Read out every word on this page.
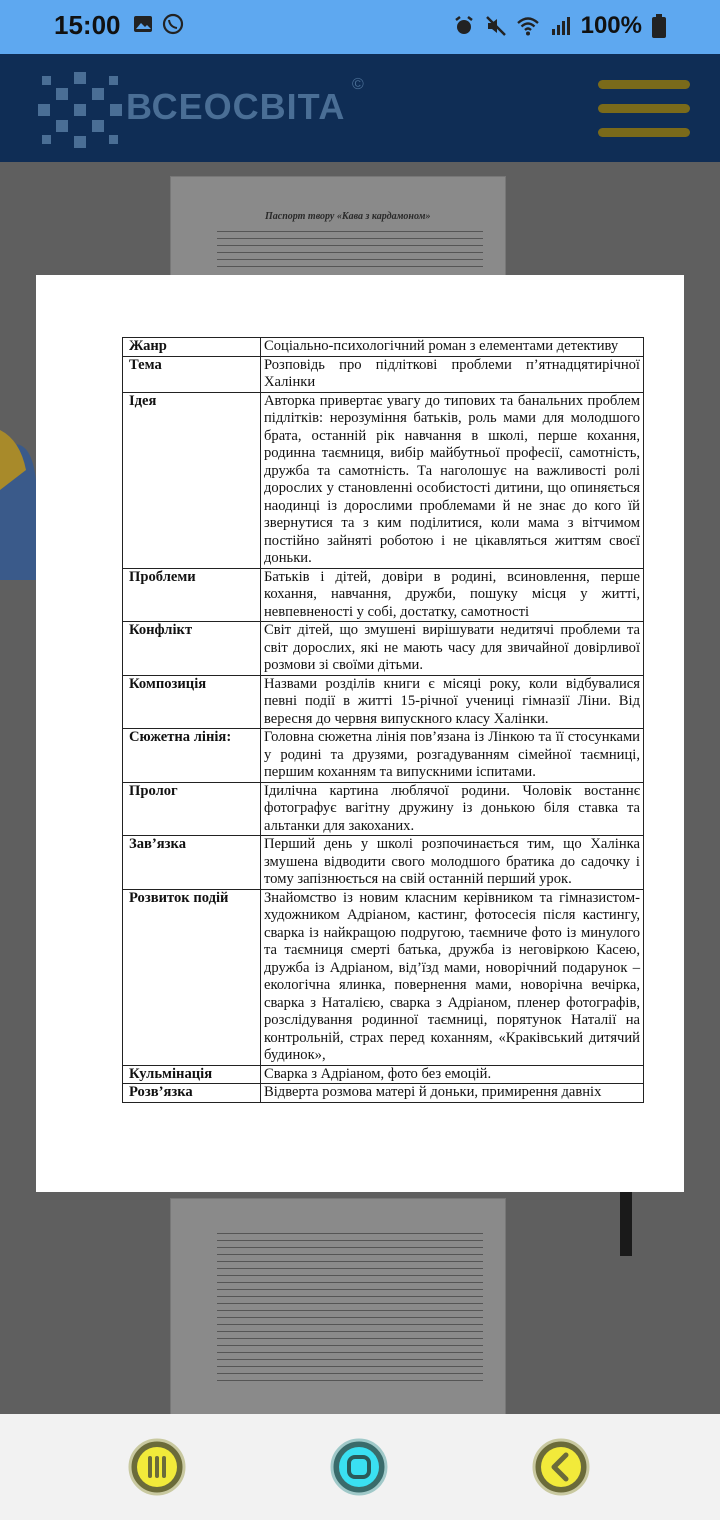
15:00	100%
ВСЕОСВІТА
©
Паспорт твору «Кава з кардамоном»
Жанр	Соціально-психологічний роман з елементами детективу
Тема	Розповідь про підліткові проблеми п’ятнадцятирічної Халінки
Ідея	Авторка привертає увагу до типових та банальних проблем підлітків: нерозуміння батьків, роль мами для молодшого брата, останній рік навчання в школі, перше кохання, родинна таємниця, вибір майбутньої професії, самотність, дружба та самотність. Та наголошує на важливості ролі дорослих у становленні особистості дитини, що опиняється наодинці із дорослими проблемами й не знає до кого їй звернутися та з ким поділитися, коли мама з вітчимом постійно зайняті роботою і не цікавляться життям своєї доньки.
Проблеми	Батьків і дітей, довіри в родині, всиновлення, перше кохання, навчання, дружби, пошуку місця у житті, невпевненості у собі, достатку, самотності
Конфлікт	Світ дітей, що змушені вирішувати недитячі проблеми та світ дорослих, які не мають часу для звичайної довірливої розмови зі своїми дітьми.
Композиція	Назвами розділів книги є місяці року, коли відбувалися певні події в житті 15-річної учениці гімназії Ліни. Від вересня до червня випускного класу Халінки.
Сюжетна лінія:	Головна сюжетна лінія пов’язана із Лінкою та її стосунками у родині та друзями, розгадуванням сімейної таємниці, першим коханням та випускними іспитами.
Пролог	Ідилічна картина люблячої родини. Чоловік востаннє фотографує вагітну дружину із донькою біля ставка та альтанки для закоханих.
Зав’язка	Перший день у школі розпочинається тим, що Халінка змушена відводити свого молодшого братика до садочку і тому запізнюється на свій останній перший урок.
Розвиток подій	Знайомство із новим класним керівником та гімназистом-художником Адріаном, кастинг, фотосесія після кастингу, сварка із найкращою подругою, таємниче фото із минулого та таємниця смерті батька, дружба із неговіркою Касею, дружба із Адріаном, від’їзд мами, новорічний подарунок – екологічна ялинка, повернення мами, новорічна вечірка, сварка з Наталією, сварка з Адріаном, пленер фотографів, розслідування родинної таємниці, порятунок Наталії на контрольній, страх перед коханням, «Краківський дитячий будинок»,
Кульмінація	Сварка з Адріаном, фото без емоцій.
Розв’язка	Відверта розмова матері й доньки, примирення давніх
